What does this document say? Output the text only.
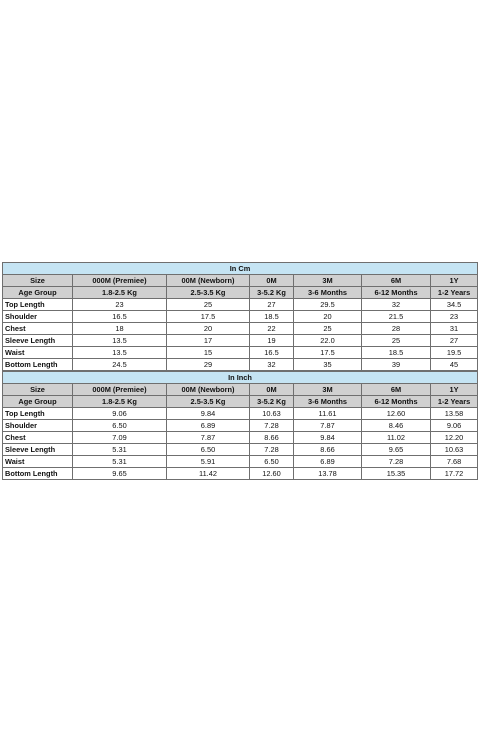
In Cm						
Size	000M (Premiee)	00M (Newborn)	0M	3M	6M	1Y
Age Group	1.8-2.5 Kg	2.5-3.5 Kg	3-5.2 Kg	3-6 Months	6-12 Months	1-2 Years
Top Length	23	25	27	29.5	32	34.5
Shoulder	16.5	17.5	18.5	20	21.5	23
Chest	18	20	22	25	28	31
Sleeve Length	13.5	17	19	22.0	25	27
Waist	13.5	15	16.5	17.5	18.5	19.5
Bottom Length	24.5	29	32	35	39	45
In Inch						
Size	000M (Premiee)	00M (Newborn)	0M	3M	6M	1Y
Age Group	1.8-2.5 Kg	2.5-3.5 Kg	3-5.2 Kg	3-6 Months	6-12 Months	1-2 Years
Top Length	9.06	9.84	10.63	11.61	12.60	13.58
Shoulder	6.50	6.89	7.28	7.87	8.46	9.06
Chest	7.09	7.87	8.66	9.84	11.02	12.20
Sleeve Length	5.31	6.50	7.28	8.66	9.65	10.63
Waist	5.31	5.91	6.50	6.89	7.28	7.68
Bottom Length	9.65	11.42	12.60	13.78	15.35	17.72
